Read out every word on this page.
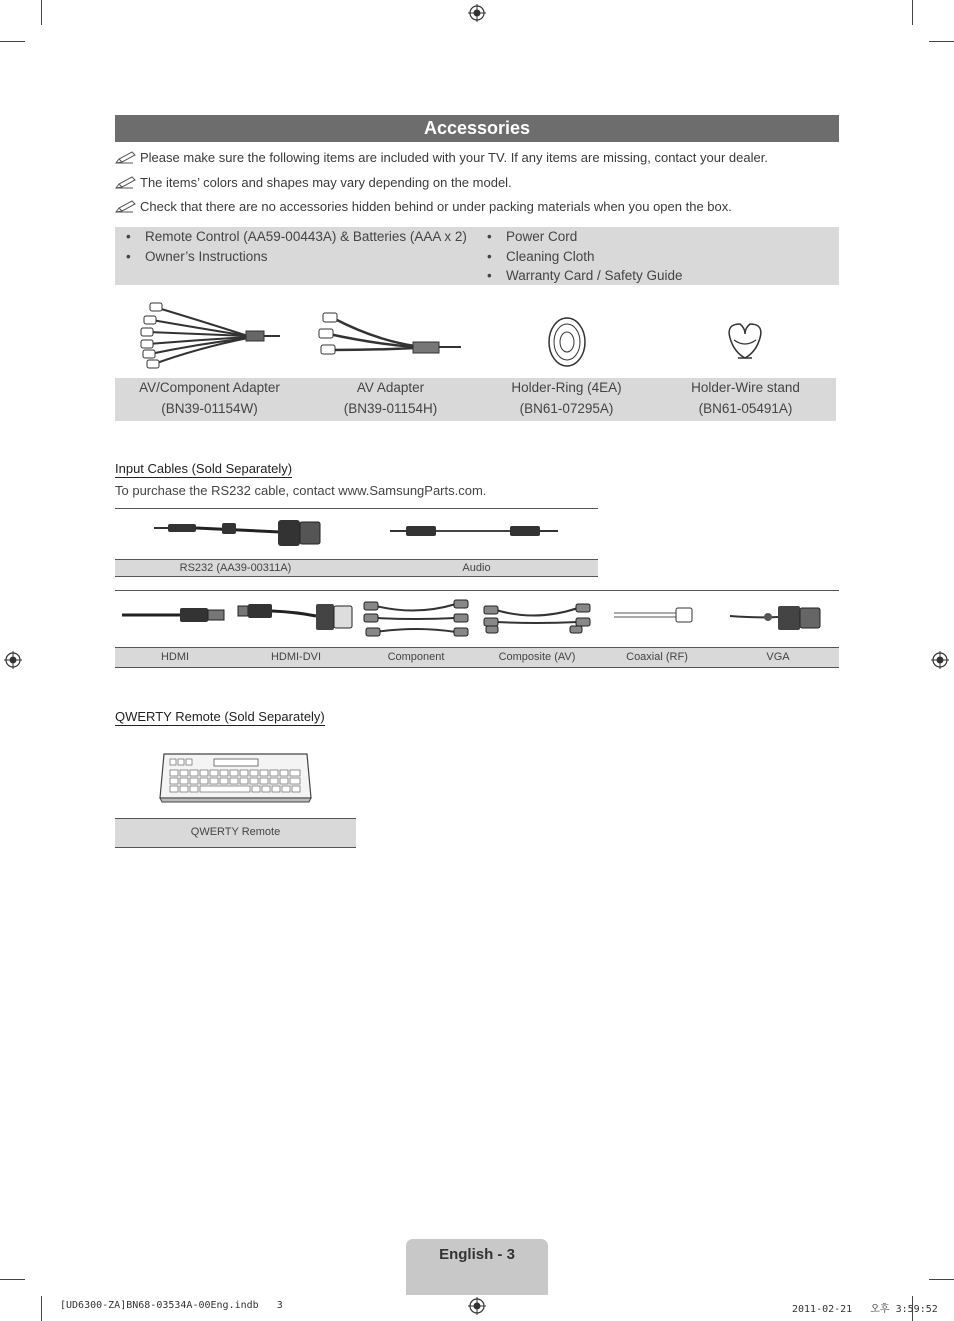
Accessories
Please make sure the following items are included with your TV. If any items are missing, contact your dealer.
The items’ colors and shapes may vary depending on the model.
Check that there are no accessories hidden behind or under packing materials when you open the box.
• Remote Control (AA59-00443A) & Batteries (AAA x 2)
• Owner’s Instructions
• Power Cord
• Cleaning Cloth
• Warranty Card / Safety Guide
AV/Component Adapter
(BN39-01154W)
AV Adapter
(BN39-01154H)
Holder-Ring (4EA)
(BN61-07295A)
Holder-Wire stand
(BN61-05491A)
Input Cables (Sold Separately)
To purchase the RS232 cable, contact www.SamsungParts.com.
RS232 (AA39-00311A)	Audio
HDMI	HDMI-DVI	Component	Composite (AV)	Coaxial (RF)	VGA
QWERTY Remote (Sold Separately)
QWERTY Remote
English - 3
[UD6300-ZA]BN68-03534A-00Eng.indb   3	2011-02-21   오후 3:59:52
